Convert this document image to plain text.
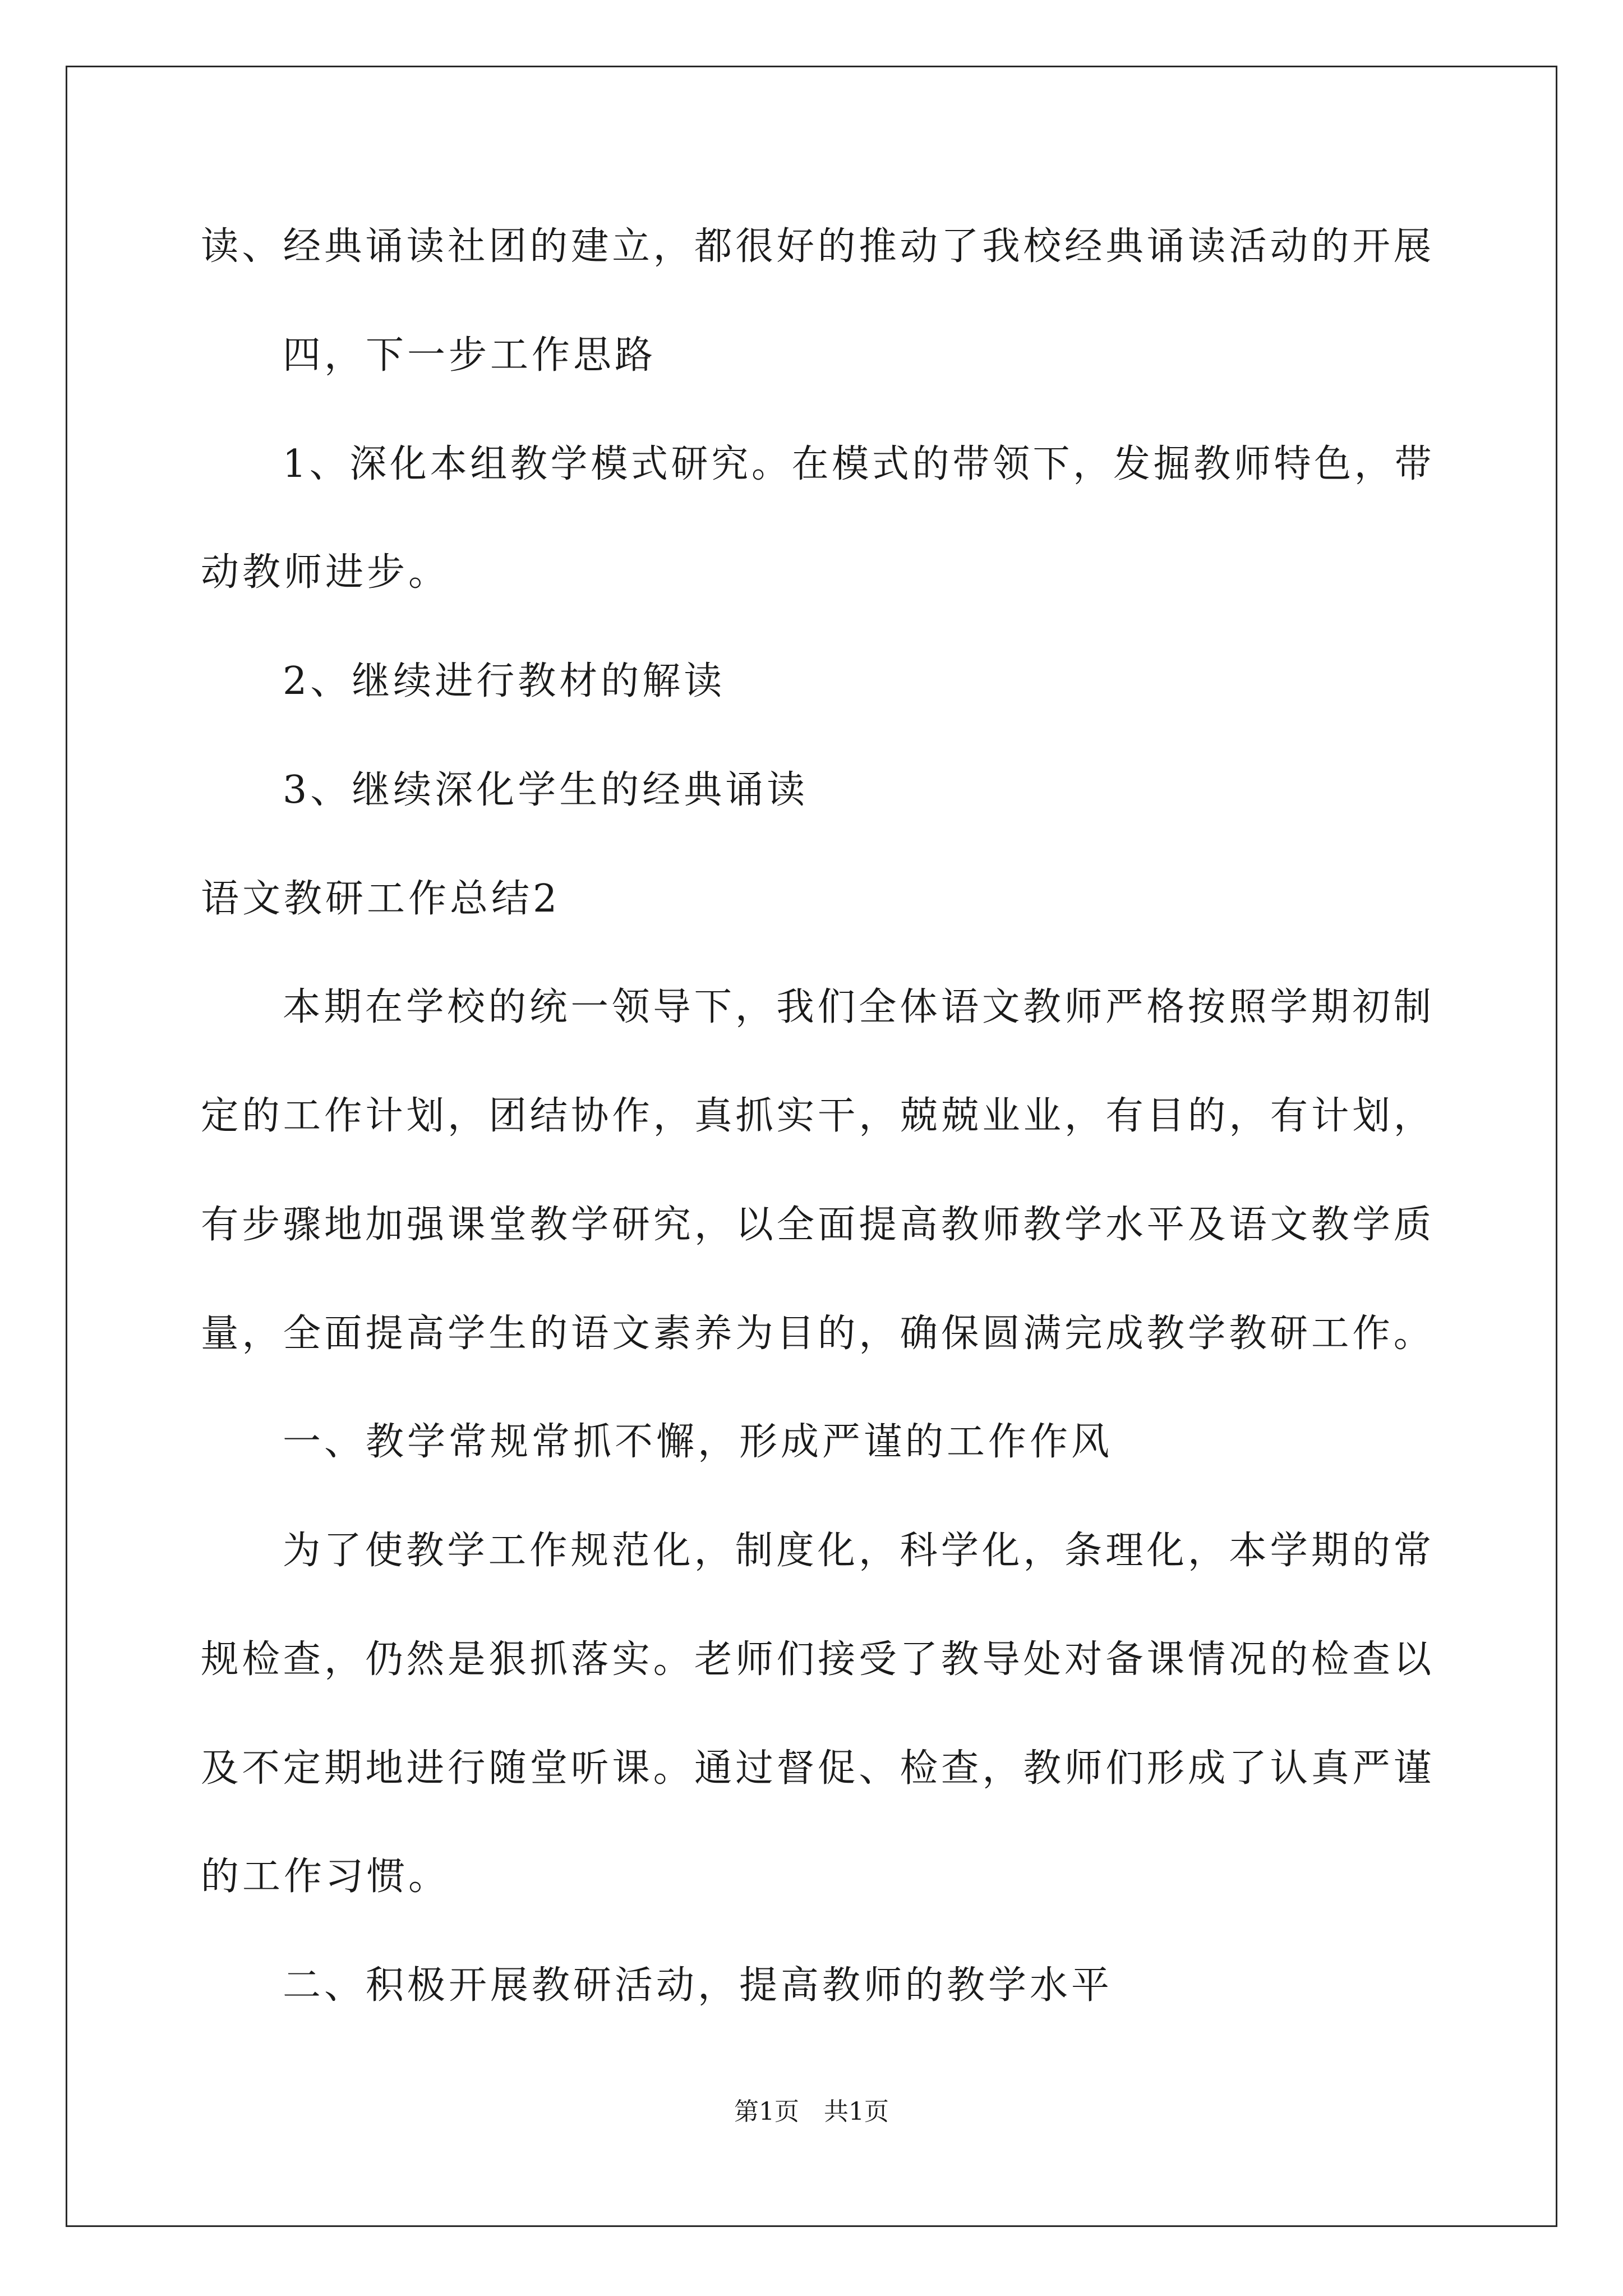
读、经典诵读社团的建立，都很好的推动了我校经典诵读活动的开展
四，下一步工作思路
1、深化本组教学模式研究。在模式的带领下，发掘教师特色，带
动教师进步。
2、继续进行教材的解读
3、继续深化学生的经典诵读
语文教研工作总结2
本期在学校的统一领导下，我们全体语文教师严格按照学期初制
定的工作计划，团结协作，真抓实干，兢兢业业，有目的，有计划，
有步骤地加强课堂教学研究，以全面提高教师教学水平及语文教学质
量，全面提高学生的语文素养为目的，确保圆满完成教学教研工作。
一、教学常规常抓不懈，形成严谨的工作作风
为了使教学工作规范化，制度化，科学化，条理化，本学期的常
规检查，仍然是狠抓落实。老师们接受了教导处对备课情况的检查以
及不定期地进行随堂听课。通过督促、检查，教师们形成了认真严谨
的工作习惯。
二、积极开展教研活动，提高教师的教学水平
第1页 共1页
